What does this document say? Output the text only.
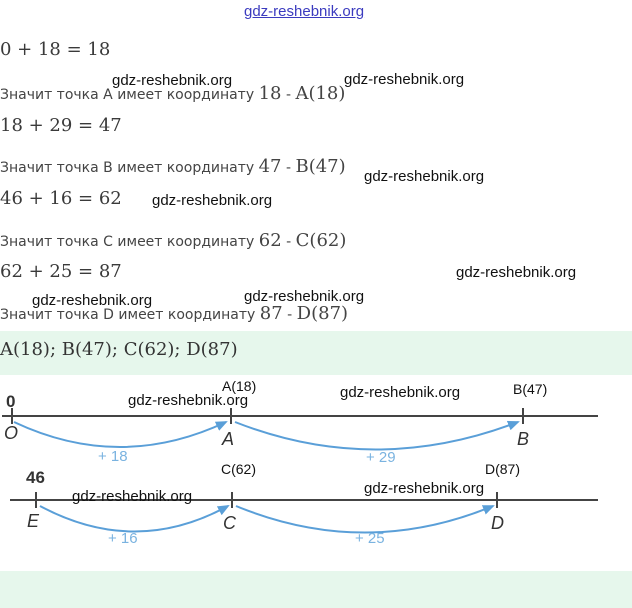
gdz-reshebnik.org
0 + 18 = 18
Значит точка A имеет координату 18 - A(18)
18 + 29 = 47
Значит точка B имеет координату 47 - B(47)
46 + 16 = 62
Значит точка C имеет координату 62 - C(62)
62 + 25 = 87
Значит точка D имеет координату 87 - D(87)
A(18); B(47); C(62); D(87)
0
O	A	B
A(18)	B(47)
+ 18	+ 29
46
E	C	D
C(62)	D(87)
+ 16	+ 25
gdz-reshebnik.org	gdz-reshebnik.org
gdz-reshebnik.org
gdz-reshebnik.org
gdz-reshebnik.org
gdz-reshebnik.org	gdz-reshebnik.org
gdz-reshebnik.org
gdz-reshebnik.org
gdz-reshebnik.org	gdz-reshebnik.org
